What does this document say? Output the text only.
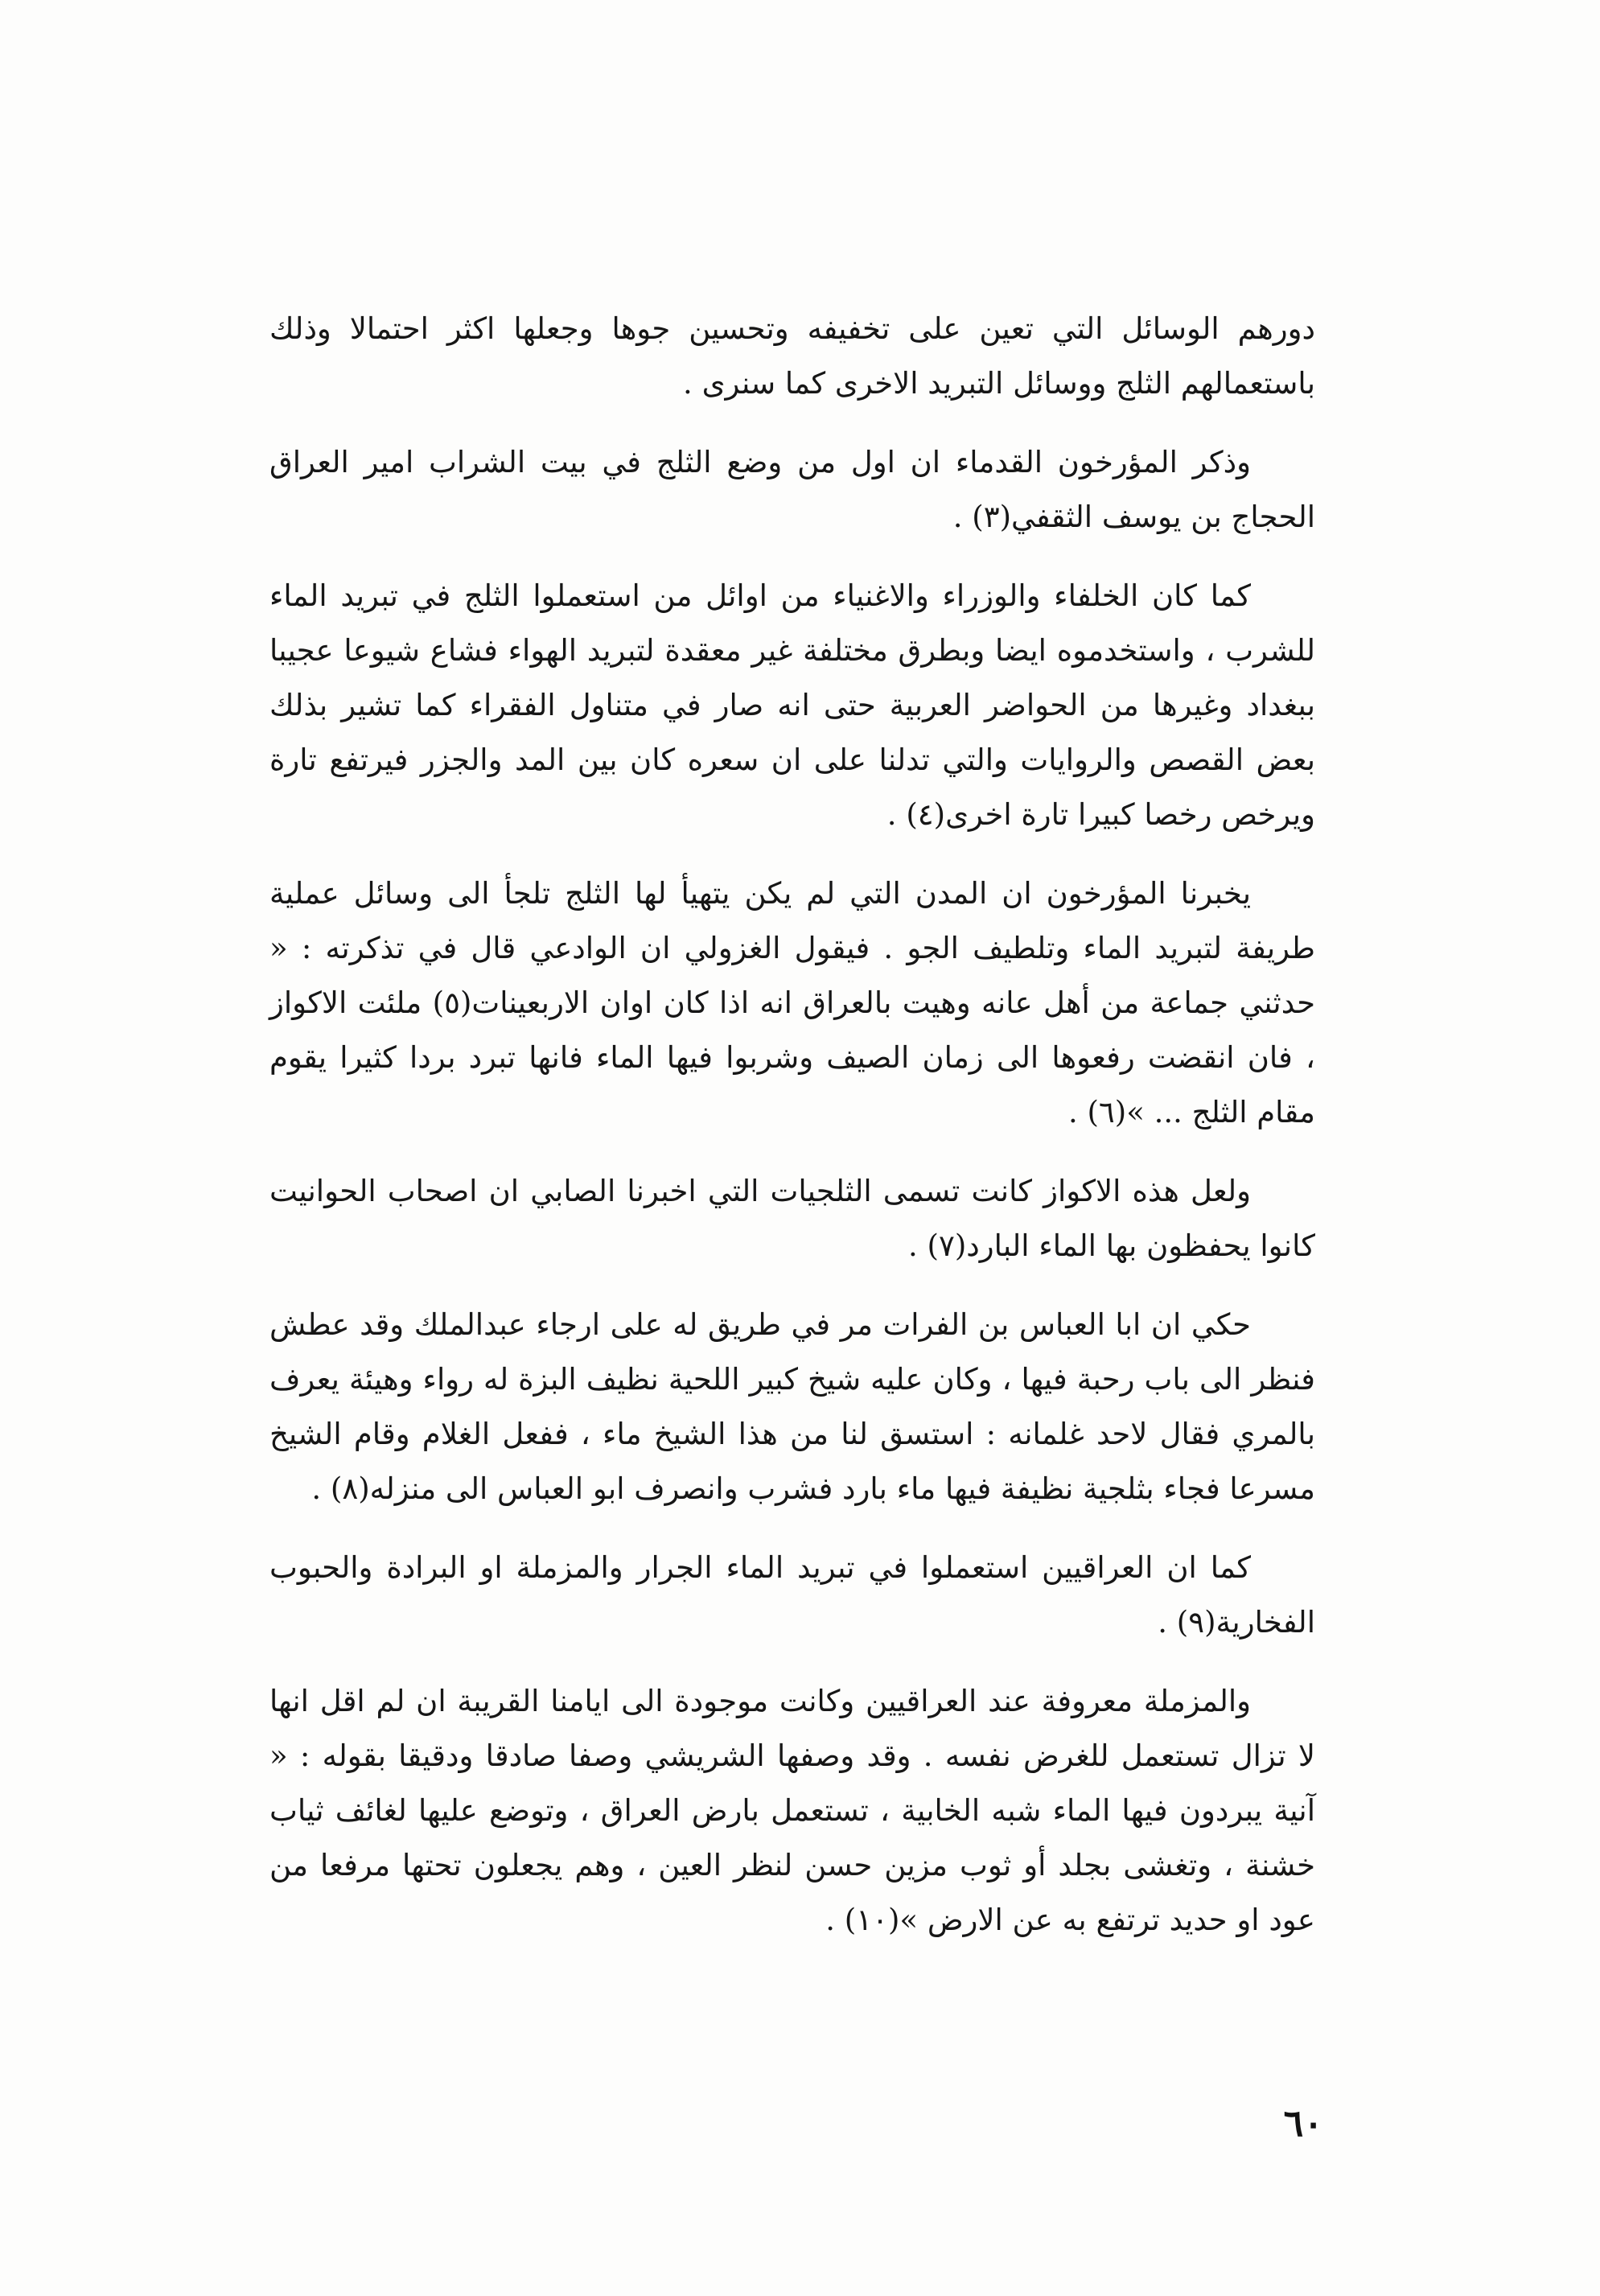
دورهم الوسائل التي تعين على تخفيفه وتحسين جوها وجعلها اكثر احتمالا وذلك باستعمالهم الثلج ووسائل التبريد الاخرى كما سنرى .

وذكر المؤرخون القدماء ان اول من وضع الثلج في بيت الشراب امير العراق الحجاج بن يوسف الثقفي(٣) .

كما كان الخلفاء والوزراء والاغنياء من اوائل من استعملوا الثلج في تبريد الماء للشرب ، واستخدموه ايضا وبطرق مختلفة غير معقدة لتبريد الهواء فشاع شيوعا عجيبا ببغداد وغيرها من الحواضر العربية حتى انه صار في متناول الفقراء كما تشير بذلك بعض القصص والروايات والتي تدلنا على ان سعره كان بين المد والجزر فيرتفع تارة ويرخص رخصا كبيرا تارة اخرى(٤) .

يخبرنا المؤرخون ان المدن التي لم يكن يتهيأ لها الثلج تلجأ الى وسائل عملية طريفة لتبريد الماء وتلطيف الجو . فيقول الغزولي ان الوادعي قال في تذكرته : « حدثني جماعة من أهل عانه وهيت بالعراق انه اذا كان اوان الاربعينات(٥) ملئت الاكواز ، فان انقضت رفعوها الى زمان الصيف وشربوا فيها الماء فانها تبرد بردا كثيرا يقوم مقام الثلج ... »(٦) .

ولعل هذه الاكواز كانت تسمى الثلجيات التي اخبرنا الصابي ان اصحاب الحوانيت كانوا يحفظون بها الماء البارد(٧) .

حكي ان ابا العباس بن الفرات مر في طريق له على ارجاء عبدالملك وقد عطش فنظر الى باب رحبة فيها ، وكان عليه شيخ كبير اللحية نظيف البزة له رواء وهيئة يعرف بالمري فقال لاحد غلمانه : استسق لنا من هذا الشيخ ماء ، ففعل الغلام وقام الشيخ مسرعا فجاء بثلجية نظيفة فيها ماء بارد فشرب وانصرف ابو العباس الى منزله(٨) .

كما ان العراقيين استعملوا في تبريد الماء الجرار والمزملة او البرادة والحبوب الفخارية(٩) .

والمزملة معروفة عند العراقيين وكانت موجودة الى ايامنا القريبة ان لم اقل انها لا تزال تستعمل للغرض نفسه . وقد وصفها الشريشي وصفا صادقا ودقيقا بقوله : « آنية يبردون فيها الماء شبه الخابية ، تستعمل بارض العراق ، وتوضع عليها لغائف ثياب خشنة ، وتغشى بجلد أو ثوب مزين حسن لنظر العين ، وهم يجعلون تحتها مرفعا من عود او حديد ترتفع به عن الارض »(١٠) .

٦٠
